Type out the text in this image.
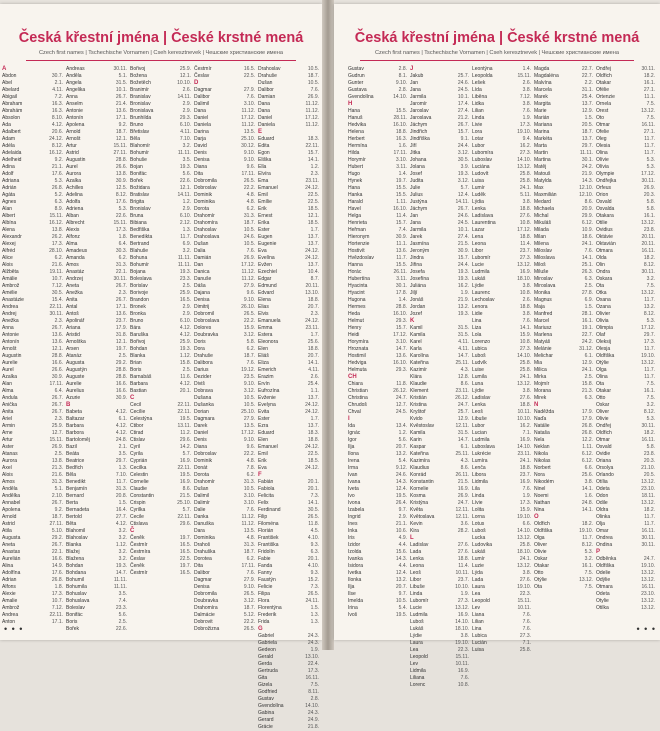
Česká křestní jména | České krstné mená
Czech first names | Tschechische Vornamen | Cseh keresztnevek | Чешские христианские имена
A
Abdon	30.7.
Abel	2.1.
Abelard	4.11.
Abigail	7.2.
Abraham	16.3.
Abrahám	16.3.
Absolon	8.10.
Ada	4.12.
Adalbert	20.6.
Adam	24.12.
Adéla	8.12.
Adelaida	16.12.
Adelheid	9.2.
Adina	21.1.
Adolf	17.6.
Adriana	5.3.
Adrián	26.8.
Agáta	5.2.
Agnes	6.3.
Alan	8.9.
Albert	15.11.
Albína	16.12.
Alena	13.8.
Alexandr	26.2.
Alexej	17.3.
Alfréd	28.10.
Alice	6.2.
Alois	21.6.
Alžběta	19.11.
Amálie	10.7.
Ambrož	7.12.
Amélie	30.5.
Anastázie	15.4.
Andrea	22.11.
Andrej	30.11.
Anežka	2.3.
Anna	26.7.
Antonie	13.6.
Antonín	13.6.
Arnošt	12.1.
Augustin	28.8.
Aurelie	16.6.
Aurel	26.6.
Azalka	30.9.
Alan	17.11.
Alma	6.4.
Andula	26.7.
Anička	26.7.
Anita	26.7.
Ariel	2.3.
Armin	25.9.
Arne	12.7.
Artur	15.11.
Aster	26.9.
Atanas	2.5.
Aurora	13.8.
Axel	21.3.
Alois	21.6.
Amos	31.3.
Anděla	5.1.
Andělka	2.10.
Annabel	26.7.
Apolena	9.2.
Arnold	18.7.
Astrid	27.11.
Atila	5.10.
Augusta	29.2.
Aneta	26.7.
Anastas	22.1.
Aurelián	16.6.
Alina	14.9.
Adolfína	17.6.
Adrian	26.8.
Alfons	1.8.
Alexie	17.3.
Amalie	10.7.
Ambrož	7.12.
Andrea	22.11.
Anton	17.1.
Andreas	30.11.
Anděla	5.1.
Angela	31.5.
Angelika	10.1.
Anna	26.7.
Anselm	21.4.
Antonie	13.6.
Antonín	17.1.
Apolena	9.2.
Arnold	18.7.
Arnošt	12.1.
Artur	15.11.
Astrid	27.11.
Augustin	28.8.
Aurel	26.6.
Aurora	13.8.
Azalka	30.9.
Achilles	12.5.
Adelina	8.12.
Adolfa	17.6.
Adriena	5.3.
Alban	22.6.
Albrecht	15.11.
Alexis	17.3.
Alfonz	1.8.
Alma	6.4.
Amadeus	30.3.
Amanda	6.2.
Amos	31.3.
Anastáz	22.1.
Andrzej	30.11.
Aneta	26.7.
Anežka	2.3.
Anita	26.7.
Antal	17.1.
Antoš	13.6.
Apolinář	23.7.
Ariana	17.9.
Aristid	31.8.
Arnoštka	12.1.
Arsen	19.7.
Atanáz	2.5.
Augusta	29.2.
Augustýn	28.8.
Auguste	28.8.
Aurelie	16.6.
Aurelius	16.6.
Azurie	30.9.
B
Babeta	4.12.
Baltazar	6.1.
Barbara	4.12.
Barbora	4.12.
Bartoloměj	24.8.
Bazil	2.1.
Beáta	3.5.
Beatrice	29.7.
Bedřich	1.3.
Běla	7.10.
Benedikt	11.7.
Benjamín	31.3.
Bernard	20.8.
Berta	1.5.
Bernadeta	16.4.
Bertold	27.7.
Běta	4.12.
Blahomil	3.2.
Blahoslav	3.2.
Blanka	1.12.
Blažej	3.2.
Blažena	3.2.
Bohdan	19.3.
Bohdana	14.7.
Bohumil	11.11.
Bohumila	11.11.
Bohuslav	3.5.
Bohuslava	7.4.
Boleslav	23.3.
Bonifác	5.6.
Boris	2.5.
Bořek	22.6.
Bořivoj	25.9.
Božena	12.1.
Božetěch	10.10.
Branimír	2.6.
Branislav	14.11.
Bronislav	2.9.
Bronislava	2.9.
Brunhilda	29.3.
Bruno	6.10.
Břetislav	4.11.
Běla	7.10.
Blahomír	3.2.
Bohumír	11.11.
Bohuše	3.5.
Bojan	19.3.
Bonifác	5.6.
Bořek	22.6.
Božidara	12.1.
Bratislav	14.11.
Brigita	1.2.
Bronislav	2.9.
Bruna	6.10.
Bibiana	2.12.
Bedřiška	1.3.
Benedikta	11.7.
Bertrand	6.9.
Blahuše	3.2.
Bohuna	11.11.
Bohumír	11.11.
Bojana	19.3.
Boleslava	23.3.
Borislav	2.5.
Borivoje	25.9.
Brandon	16.5.
Bronek	2.9.
Bronka	2.9.
Bruno	6.10.
Bára	4.12.
Baruška	4.12.
Bořivoj	25.9.
Bohdan	19.3.
Blanka	1.12.
Brian	15.8.
Boris	2.5.
Barnabáš	11.6.
Barbara	4.12.
Bastian	20.1.
C
Cecil	22.11.
Cecílie	22.11.
Celestýna	19.5.
Ctibor	13.11.
Ctirad	11.2.
Ctislav	29.6.
Cyril	14.2.
Cyrila	5.7.
Cyprián	16.9.
Cecilka	22.11.
Celestin	19.5.
Cornelie	16.9.
Claudie	8.6.
Constantin	21.5.
Crispin	25.10.
Cyrilka	5.7.
Cecile	22.11.
Ctislava	29.6.
Č
Čeněk	19.7.
Čestmír	16.5.
Čestmíra	16.5.
Česlav	22.5.
Čeněk	19.7.
Čestmír	16.5.
Čestmír	16.5.
Česlav	22.5.
D
Dagmar	27.9.
Dalibor	7.6.
Dalimil	3.10.
Dana	11.12.
Daniel	17.12.
Daniela	11.12.
Darina	13.5.
Darja	25.10.
David	30.12.
Denis	9.10.
Denisa	9.10.
Diana	9.6.
Dita	17.11.
Dobromila	26.5.
Dobroslav	22.2.
Dominik	4.8.
Dominika	4.8.
Dorota	6.2.
Drahomír	31.3.
Drahomíra	18.7.
Drahoslav	10.5.
Drahoslava	24.6.
Dušan	10.5.
Dalia	7.6.
Damián	26.9.
Dan	17.12.
Danica	11.12.
Danuše	11.12.
Dáša	27.9.
Dajana	9.6.
Denisa	9.10.
Dimitrij	26.10.
Dobromil	26.5.
Dobroslava	22.2.
Dolores	15.9.
Doubravka	3.12.
Doris	5.8.
Dora	6.2.
Drahuše	18.7.
Dalibora	7.6.
Darius	19.12.
Dezider	23.5.
Diviš	9.10.
Dobrava	3.12.
Dušana	10.5.
Dušanka	10.5.
Dorian	25.10.
Dagmara	27.9.
Darek	13.5.
Daniel	17.12.
Denis	9.10.
Diana	9.6.
Dobroslav	22.2.
Dominik	4.8.
Donát	7.8.
Dorota	6.2.
Drahomír	31.3.
Dušan	10.5.
Dalimil	3.10.
Dalimír	3.10.
Dalie	7.6.
Danka	11.12.
Danuška	11.12.
Dara	13.5.
Dominika	4.8.
Drahoš	31.3.
Drahuška	18.7.
Dorotea	6.2.
Dita	17.11.
Dalibor	7.6.
Dagmar	27.9.
Denisa	9.10.
Dobromila	26.5.
Doubravka	3.12.
Drahomíra	18.7.
Dalmácie	5.12.
Dobrovit	22.2.
Dobrožizna	26.5.
Drahoslav	10.5.
Drahuše	18.7.
Dušan	10.5.
Dalibor	7.6.
Damian	26.9.
Dana	11.12.
Dana	11.12.
Daniel	17.12.
Daniela	11.12.
E
Eduard	18.3.
Edita	22.11.
Egon	15.7.
Eliška	14.1.
Ella	1.2.
Elvíra	2.3.
Ema	23.11.
Emanuel	24.12.
Emil	22.5.
Emílie	22.5.
Erik	18.5.
Ernest	12.1.
Erika	18.5.
Ester	1.7.
Eugen	13.7.
Eugenie	13.7.
Eva	24.12.
Evelína	24.12.
Evžen	13.7.
Ezechiel	10.4.
Edgar	8.7.
Edmund	20.11.
Edvard	13.10.
Elena	18.8.
Elias	20.7.
Elvis	2.3.
Emanuela	24.12.
Emma	23.11.
Estera	1.7.
Eleonora	25.6.
Elen	18.8.
Eliáš	20.7.
Eliza	14.1.
Emerich	4.11.
Erazim	2.6.
Ervín	25.4.
Eufrozína	1.1.
Evženie	13.7.
Evelyna	24.12.
Evita	24.12.
Ester	1.7.
Ezra	13.7.
Eduard	18.3.
Elen	18.8.
Emanuel	24.12.
Emil	22.5.
Erik	18.5.
Eva	24.12.
F
Fabián	20.1.
Fabiola	20.1.
Felicita	7.3.
Felix	14.1.
Ferdinand	30.5.
Filip	26.5.
Filoména	11.8.
Florián	4.5.
František	4.10.
Františka	9.3.
Fridolín	6.3.
Fabie	20.1.
Fanda	4.10.
Fanny	9.3.
Faustýn	15.2.
Felicie	7.3.
Filipa	26.5.
Flora	24.11.
Florentýna	1.5.
Frederik	1.3.
Frida	1.3.
G
Gabriel	24.3.
Gabriela	24.3.
Gedeon	1.9.
Gerald	13.10.
Gerda	22.4.
Gertruda	17.3.
Gita	16.11.
Gizela	7.5.
Godfried	8.11.
Gustav	2.8.
Gvendolína	14.10.
Gabina	24.3.
Gerard	24.9.
Grácie	21.8.
• • •
Česká křestní jména | České krstné mená
Czech first names | Tschechische Vornamen | Cseh keresztnevek | Чешские христианские имена
Gustav	2.8.
Gudrun	8.1.
Gunter	9.10.
Gustava	2.8.
Gvendolína	14.10.
H
Hana	15.5.
Hanuš	28.11.
Hedvika	16.10.
Helena	18.8.
Herbert	16.3.
Hermína	1.6.
Hilda	17.11.
Horymír	3.10.
Hubert	3.11.
Hugo	1.4.
Hynek	19.7.
Hana	15.5.
Hanka	15.5.
Harald	1.11.
Havel	16.10.
Helga	11.4.
Henrieta	15.7.
Heřman	7.4.
Hieronym	30.9.
Hortenzie	11.1.
Hostivít	13.6.
Hvězdoslav	11.7.
Hanna	15.5.
Horác	26.11.
Hubertína	3.11.
Hyacinta	30.1.
Hyacint	17.8.
Hugona	1.4.
Hermes	28.8.
Heda	16.10.
Helmut	29.3.
Henry	15.7.
Heidi	17.12.
Horymíra	3.10.
Hroznata	14.7.
Hostimil	13.6.
Hedviga	16.10.
Helmuta	29.3.
CH
Chiara	11.8.
Christian	26.12.
Christina	24.7.
Chrudoš	12.7.
Chval	24.5.
I
Ida	13.4.
Ignác	1.2.
Igor	5.6.
Ilja	20.7.
Ilona	13.2.
Irena	5.4.
Irma	9.12.
Ivan	24.6.
Ivana	14.3.
Iveta	12.4.
Ivo	19.5.
Ivona	26.4.
Izabela	9.7.
Ingrid	2.9.
Ines	21.1.
Inka	10.6.
Iris	4.9.
Izidor	4.4.
Izolda	15.6.
Ivanka	14.3.
Isidora	4.4.
Ivetka	12.4.
Ilonka	13.2.
Ilja	20.7.
Ilse	9.7.
Imelda	10.5.
Irina	5.4.
Ivoš	19.5.
J
Jakub	25.7.
Jan	24.6.
Jana	24.5.
Jarmila	10.1.
Jaromír	17.4.
Jaroslav	27.4.
Jaroslava	21.2.
Jáchym	26.7.
Jindřich	15.7.
Jindřiška	9.1.
Jiří	24.4.
Jitka	3.12.
Johana	30.5.
Jolana	3.9.
Josef	19.3.
Judita	3.12.
Julie	5.7.
Julius	12.4.
Justýna	14.11.
Jáchym	26.7.
Jan	24.6.
Jana	24.5.
Jarmila	10.1.
Jarek	27.4.
Jasmína	21.5.
Jeroným	30.9.
Jindra	15.7.
Jiřina	24.4.
Josefa	19.3.
Josefína	19.3.
Juliána	16.2.
Jiljí	1.9.
Jonáš	21.9.
Jordan	13.2.
Jozef	19.3.
K
Kamil	31.5.
Kamila	31.5.
Karel	4.11.
Karla	4.11.
Karolína	14.7.
Kateřina	25.11.
Kazimír	4.3.
Klára	12.8.
Klaudie	8.6.
Klement	23.11.
Kristián	26.12.
Kristina	24.7.
Kryštof	25.7.
Kvido	12.9.
Kvěstoslav	12.11.
Kamila	31.5.
Karin	14.7.
Kaspar	6.1.
Kateřina	25.11.
Kazimíra	4.3.
Klaudius	8.6.
Konrád	26.11.
Konstantin	21.5.
Kornelie	16.9.
Kosma	26.9.
Kristýna	24.7.
Květa	12.11.
Květoslava	12.11.
Kevin	3.6.
Kira	28.2.
L
Ladislav	27.6.
Lada	27.6.
Lenka	18.8.
Leona	11.4.
Leoš	10.11.
Libor	23.7.
Libuše	10.10.
Linda	1.9.
Lubomír	27.3.
Lucie	13.12.
Ludmila	16.9.
Luboš	14.10.
Lukáš	18.10.
Lýdie	3.8.
Laura	19.10.
Lea	22.3.
Leopold	15.11.
Lev	10.11.
Lidmila	16.9.
Liliana	7.6.
Lorenc	10.8.
Leontýna	1.4.
Leopolda	15.11.
Lešek	2.6.
Lída	3.8.
Liběna	7.12.
Lidka	3.8.
Lilian	7.6.
Linda	1.9.
Livie	17.3.
Lora	19.10.
Lotar	9.4.
Lubor	16.2.
Lubomíra	27.3.
Luboslav	14.10.
Luciána	13.12.
Ludovít	25.8.
Luisa	25.8.
Lumír	24.1.
Luděk	5.11.
Lýdia	3.8.
Lenka	18.8.
Ladislava	27.6.
Laurentina	10.8.
Lazar	17.12.
Lena	18.8.
Leona	11.4.
Libor	23.7.
Lubomír	27.3.
Lucie	13.12.
Ludmila	16.9.
Lukáš	18.10.
Lýdie	3.8.
Laurenc	10.8.
Lechoslav	2.6.
Lenora	18.8.
Lidie	3.8.
Lina	7.6.
Liza	14.1.
Lola	15.9.
Lorenzo	10.8.
Lubica	27.3.
Luboš	14.10.
Ludvík	25.8.
Luise	25.8.
Lumila	24.1.
Luna	13.12.
Lýdie	3.8.
Ladislav	27.6.
Lenka	18.8.
Leoš	10.11.
Libuše	10.10.
Lubor	16.2.
Lucian	7.1.
Ludmila	16.9.
Luboslava	14.10.
Lukrécie	23.11.
Lumíra	24.1.
Lenča	18.8.
Libora	23.7.
Lidmila	16.9.
Lila	7.6.
Linda	1.9.
Lívie	17.3.
Lolita	15.9.
Lorna	19.10.
Lotus	6.6.
Luboš	14.10.
Lucka	13.12.
Ludovika	25.8.
Lukáš	18.10.
Lumír	24.1.
Luzie	13.12.
Lýda	3.8.
Lada	27.6.
Laura	19.10.
Lea	22.3.
Leopold	15.11.
Lev	10.11.
Liana	7.6.
Lilian	7.6.
Lina	7.6.
Lubica	27.3.
Lucián	7.1.
Luisa	25.8.
Magda	22.7.
Magdaléna	22.7.
Malvína	2.2.
Marcela	31.1.
Marek	25.4.
Margita	13.7.
Marie	12.9.
Marián	1.5.
Mariana	20.5.
Marina	18.7.
Markéta	13.7.
Marta	29.7.
Martin	11.11.
Martina	30.1.
Matěj	24.2.
Matouš	21.9.
Matylda	14.3.
Max	12.10.
Maxmilián	12.10.
Medard	8.6.
Michaela	20.9.
Michal	29.9.
Mikuláš	6.12.
Milada	10.9.
Milan	18.6.
Milena	24.1.
Miloslav	7.6.
Miloslava	14.1.
Miloš	25.1.
Miluše	26.3.
Miroslav	6.3.
Miroslava	2.5.
Monika	27.8.
Magnus	6.9.
Maja	1.5.
Manfred	28.1.
Marcel	16.1.
Mariusz	19.1.
Marlena	22.7.
Matyáš	24.2.
Melánie	31.12.
Melichar	6.1.
Mia	12.9.
Milica	24.1.
Mirka	2.5.
Mojmír	15.8.
Morana	21.3.
Mirek	6.3.
N
Naděžda	17.9.
Naďa	17.9.
Natálie	26.8.
Nataša	26.8.
Nela	12.2.
Neklan	1.11.
Nikola	6.12.
Nikolas	6.12.
Norbert	6.6.
Nora	25.6.
Nikodém	3.8.
Ninel	14.1.
Noemi	1.6.
Nathan	24.8.
Nina	14.1.
O
Oldřich	18.2.
Oldřiška	19.10.
Olga	11.7.
Oliver	8.12.
Olivie	5.3.
Oskar	3.2.
Otakar	16.1.
Otto	7.5.
Otýlie	13.12.
Ota	7.5.
Ondřej	30.11.
Oldřich	18.2.
Otakar	16.1.
Ofélie	27.1.
Ortenzie	11.1.
Ornela	7.5.
Orest	13.12.
Oto	7.5.
Otmar	16.11.
Ofelie	27.1.
Oleg	11.7.
Olesia	11.7.
Olina	11.7.
Olívie	5.3.
Olívia	5.3.
Olympie	17.12.
Ondřejka	30.11.
Orfeus	26.9.
Orion	20.3.
Osvald	5.8.
Osvalda	5.8.
Otakara	16.1.
Otilie	13.12.
Ovidius	23.8.
Oktávie	20.11.
Oktavián	20.11.
Otmara	16.11.
Olda	18.2.
Olin	8.12.
Ondra	30.11.
Oskara	3.2.
Ota	7.5.
Otka	13.12.
Oxana	11.7.
Ozana	13.2.
Olivier	8.12.
Olivia	5.3.
Olimpia	17.12.
Olaf	29.7.
Oleksij	17.3.
Olesja	11.7.
Oldřiška	19.10.
Otýlie	13.12.
Olga	11.7.
Olina	11.7.
Ota	7.5.
Otakar	16.1.
Otto	7.5.
Oskar	3.2.
Oliver	8.12.
Olivie	5.3.
Ondřej	30.11.
Oldřich	18.2.
Otmar	16.11.
Osvald	5.8.
Ovidie	23.8.
Oriana	20.3.
Orsolya	21.10.
Orlando	20.5.
Otília	13.12.
Odeta	23.10.
Odon	18.11.
Odile	13.12.
Oldra	18.2.
Olinka	11.7.
Olja	11.7.
Omar	16.11.
Ondrea	30.11.
Ondina	30.11.
P
Odběnka	24.7.
Oldřiška	19.10.
Odelie	13.12.
Odýlie	13.12.
Otmara	16.11.
Odeta	23.10.
Otylie	13.12.
Otilka	13.12.
• • •
